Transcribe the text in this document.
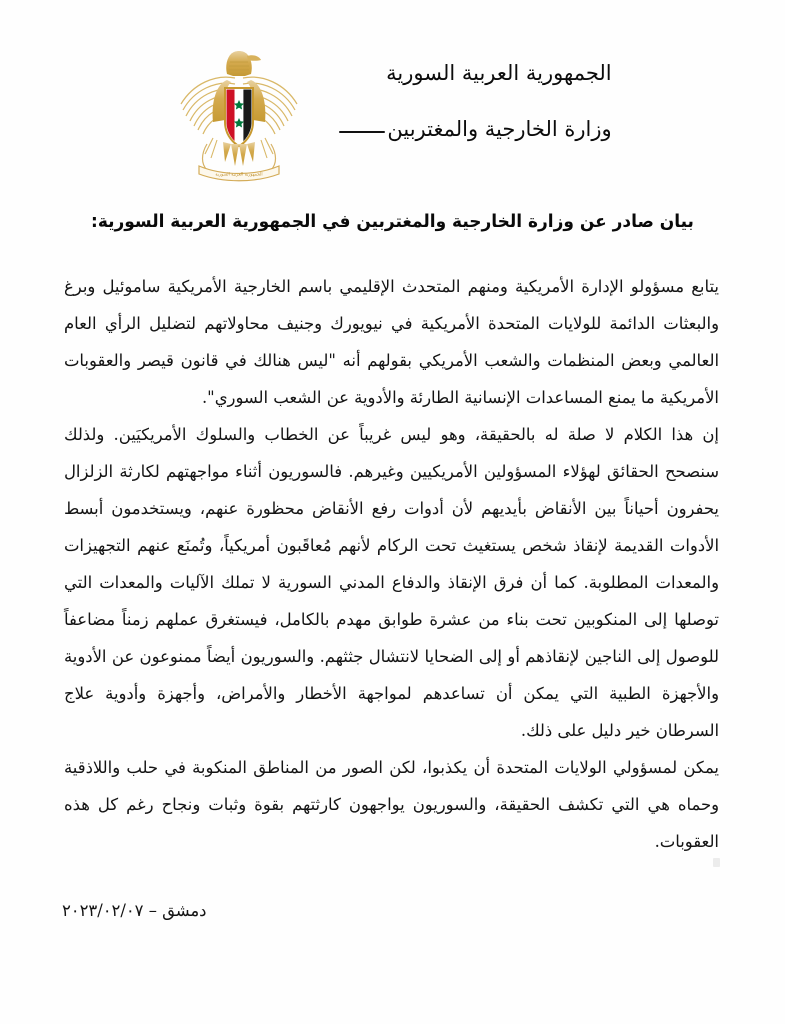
الجمهورية العربية السورية
الجمهورية العربية السورية
وزارة الخارجية والمغتربين
بيان صادر عن وزارة الخارجية والمغتربين في الجمهورية العربية السورية:

يتابع مسؤولو الإدارة الأمريكية ومنهم المتحدث الإقليمي باسم الخارجية الأمريكية ساموئيل وبرغ والبعثات الدائمة للولايات المتحدة الأمريكية في نيويورك وجنيف محاولاتهم لتضليل الرأي العام العالمي وبعض المنظمات والشعب الأمريكي بقولهم أنه "ليس هنالك في قانون قيصر والعقوبات الأمريكية ما يمنع المساعدات الإنسانية الطارئة والأدوية عن الشعب السوري".

إن هذا الكلام لا صلة له بالحقيقة، وهو ليس غريباً عن الخطاب والسلوك الأمريكيَين. ولذلك سنصحح الحقائق لهؤلاء المسؤولين الأمريكيين وغيرهم. فالسوريون أثناء مواجهتهم لكارثة الزلزال يحفرون أحياناً بين الأنقاض بأيديهم لأن أدوات رفع الأنقاض محظورة عنهم، ويستخدمون أبسط الأدوات القديمة لإنقاذ شخص يستغيث تحت الركام لأنهم مُعاقَبون أمريكياً، وتُمنَع عنهم التجهيزات والمعدات المطلوبة. كما أن فرق الإنقاذ والدفاع المدني السورية لا تملك الآليات والمعدات التي توصلها إلى المنكوبين تحت بناء من عشرة طوابق مهدم بالكامل، فيستغرق عملهم زمناً مضاعفاً للوصول إلى الناجين لإنقاذهم أو إلى الضحايا لانتشال جثثهم. والسوريون أيضاً ممنوعون عن الأدوية والأجهزة الطبية التي يمكن أن تساعدهم لمواجهة الأخطار والأمراض، وأجهزة وأدوية علاج السرطان خير دليل على ذلك.

يمكن لمسؤولي الولايات المتحدة أن يكذبوا، لكن الصور من المناطق المنكوبة في حلب واللاذقية وحماه هي التي تكشف الحقيقة، والسوريون يواجهون كارثتهم بقوة وثبات ونجاح رغم كل هذه العقوبات.

دمشق – ٢٠٢٣/٠٢/٠٧
